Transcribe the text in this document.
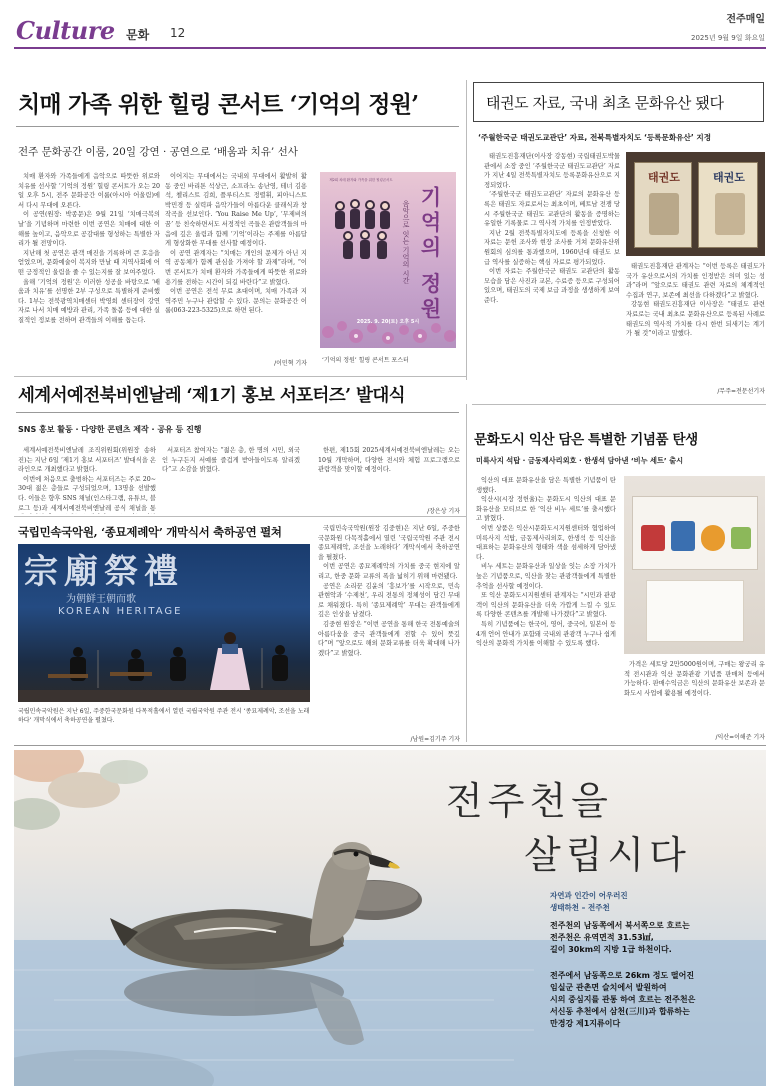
Culture 문화 12
전주매일
2025년 9월 9일 화요일
치매 가족 위한 힐링 콘서트 ‘기억의 정원’
전주 문화공간 이룸, 20일 강연 · 공연으로 ‘배움과 치유’ 선사

치매 환자와 가족들에게 음악으로 따뜻한 위로와 치유를 선사할 ‘기억의 정원’ 힐링 콘서트가 오는 20일 오후 5시, 전주 문화공간 이룸(아시아 어울림)에서 다시 무대에 오른다.

이 공연(원장: 박종문)은 9월 21일 ‘치매극복의 날’을 기념하며 마련한 이번 공연은 치매에 대한 이해를 높이고, 음악으로 공감대를 형성하는 특별한 자리가 될 전망이다.

지난해 첫 공연은 관객 매진을 기록하며 큰 호응을 얻었으며, 문화예술이 복지와 만날 때 지역사회에 어떤 긍정적인 울림을 줄 수 있는지를 잘 보여주었다.

올해 ‘기억의 정원’은 이러한 성공을 바탕으로 ‘배움과 치유’를 선명한 2부 구성으로 특별하게 준비했다. 1부는 전북광역치매센터 박영희 센터장이 강연자로 나서 치매 예방과 관리, 가족 돌봄 등에 대한 실질적인 정보를 전하며 관객들의 이해를 돕는다.

이어지는 무대에서는 국내외 무대에서 활발히 활동 중인 바리톤 석상근, 소프라노 송난영, 테너 김용석, 첼리스트 김희, 플루티스트 정렬휘, 피아니스트 박민경 등 실력파 음악가들이 아름다운 클래식과 창작곡을 선보인다. ‘You Raise Me Up’, ‘무제비의 꿈’ 등 친숙하면서도 서정적인 곡들은 관람객들의 마음에 깊은 울림과 함께 ‘기억’이라는 주제를 아름답게 형상화한 무대를 선사할 예정이다.

이 공연 관계자는 “치매는 개인의 문제가 아닌 지역 공동체가 함께 관심을 가져야 할 과제”라며, “이번 콘서트가 치매 환자와 가족들에게 따뜻한 위로와 용기를 전하는 시간이 되길 바란다”고 밝혔다.

이번 공연은 전석 무료 초대이며, 치매 가족과 지역주민 누구나 관람할 수 있다. 문의는 문화공간 이룸(063-223-5325)으로 하면 된다.

/이민혁 기자
제2회 치매 환자와 가족을 위한 힐링콘서트
음악으로 잇는 기억의 시간 기억의 정원
2025. 9. 20(토) 오후 5시
‘기억의 정원’ 힐링 콘서트 포스터
태권도 자료, 국내 최초 문화유산 됐다
‘주월한국군 태권도교관단’ 자료, 전북특별자치도 ‘등록문화유산’ 지정

태권도진흥재단(이사장 강동현) 국립태권도박물관에서 소장 중인 ‘주월한국군 태권도교관단’ 자료가 지난 4일 전북특별자치도 등록문화유산으로 지정되었다.

‘주월한국군 태권도교관단’ 자료의 문화유산 등록은 태권도 자료로서는 최초이며, 베트남 전쟁 당시 주월한국군 태권도 교관단의 활동을 증명하는 유일한 기록물로 그 역사적 가치를 인정받았다.

지난 2월 전북특별자치도에 등록을 신청한 이 자료는 문헌 조사와 현장 조사를 거쳐 문화유산위원회의 심의를 통과했으며, 1960년대 태권도 보급 역사를 실증하는 핵심 자료로 평가되었다.

이번 자료는 주월한국군 태권도 교관단의 활동 모습을 담은 사진과 교본, 수료증 등으로 구성되어 있으며, 태권도의 국제 보급 과정을 생생하게 보여준다.

태권도	태권도

태권도진흥재단 관계자는 “이번 등록은 태권도가 국가 유산으로서의 가치를 인정받은 의미 있는 성과”라며 “앞으로도 태권도 관련 자료의 체계적인 수집과 연구, 보존에 최선을 다하겠다”고 밝혔다.

강동현 태권도진흥재단 이사장은 “태권도 관련 자료로는 국내 최초로 문화유산으로 등록된 사례로 태권도의 역사적 가치를 다시 한번 되새기는 계기가 될 것”이라고 말했다.

/무주=전문선기자
세계서예전북비엔날레 ‘제1기 홍보 서포터즈’ 발대식
SNS 홍보 활동 · 다양한 콘텐츠 제작 · 공유 등 진행

세계서예전북비엔날레 조직위원회(위원장 송하진)는 지난 6일 ‘제1기 홍보 서포터즈’ 발대식을 온라인으로 개최했다고 밝혔다.

이번에 처음으로 출범하는 서포터즈는 주로 20~30대 젊은 층들로 구성되었으며, 13명을 선발했다. 이들은 향후 SNS 채널(인스타그램, 유튜브, 블로그 등)과 세계서예전북비엔날레 공식 채널을 통

서포터즈 참여자는 “젊은 층, 한 명의 시민, 외국인 누구든지 서예를 즐겁게 받아들이도록 알리겠다”고 소감을 밝혔다.

한편, 제15회 2025세계서예전북비엔날레는 오는 10월 개막하며, 다양한 전시와 체험 프로그램으로 관람객을 맞이할 예정이다.

/장은상 기자
국립민속국악원, ‘종묘제례악’ 개막식서 축하공연 펼쳐
宗廟祭禮
为朝鲜王朝而歌
KOREAN HERITAGE
국립민속국악원은 지난 6일, 주중한국문화원 다목적홀에서 열린 국립국악원 주관 전시 ‘종묘제례악, 조선을 노래하다’ 개막식에서 축하공연을 펼쳤다.

국립민속국악원(원장 김중현)은 지난 6일, 주중한국문화원 다목적홀에서 열린 ‘국립국악원 주관 전시 종묘제례악, 조선을 노래하다’ 개막식에서 축하공연을 펼쳤다.

이번 공연은 종묘제례악의 가치를 중국 현지에 알리고, 한중 문화 교류의 폭을 넓히기 위해 마련됐다.

공연은 소리꾼 김윤의 ‘흥보가’를 시작으로, 민속 관현악과 ‘수제천’, 우리 전통의 정체성이 담긴 무대로 채워졌다. 특히 ‘종묘제례악’ 무대는 관객들에게 깊은 인상을 남겼다.

김중현 원장은 “이번 공연을 통해 한국 전통예술의 아름다움을 중국 관객들에게 전할 수 있어 뜻깊다”며 “앞으로도 해외 문화교류를 더욱 확대해 나가겠다”고 밝혔다.

/남원=김기주 기자
문화도시 익산 담은 특별한 기념품 탄생
미륵사지 석탑 · 금동제사리외호 · 한생석 담아낸 ‘비누 세트’ 출시

익산의 대표 문화유산을 담은 특별한 기념품이 탄생했다.

익산시(시장 정헌율)는 문화도시 익산의 대표 문화유산을 모티브로 한 ‘익산 비누 세트’를 출시했다고 밝혔다.

이번 상품은 익산시문화도시지원센터와 협업하여 미륵사지 석탑, 금동제사리외호, 한생석 등 익산을 대표하는 문화유산의 형태와 색을 섬세하게 담아냈다.

비누 세트는 문화유산과 일상을 잇는 소장 가치가 높은 기념품으로, 익산을 찾는 관광객들에게 특별한 추억을 선사할 예정이다.

또 익산 문화도시지원센터 관계자는 “시민과 관광객이 익산의 문화유산을 더욱 가깝게 느낄 수 있도록 다양한 콘텐츠를 개발해 나가겠다”고 밝혔다.

특히 기념품에는 한국어, 영어, 중국어, 일본어 등 4개 언어 안내가 포함돼 국내외 관광객 누구나 쉽게 익산의 문화적 가치를 이해할 수 있도록 했다.

가격은 세트당 2만5000원이며, 구매는 왕궁리 유적 전시관과 익산 문화관광 기념품 판매처 등에서 가능하다. 판매수익금은 익산의 문화유산 보존과 문화도시 사업에 활용될 예정이다.

/익산=이해준 기자
전주천을
살립시다
자연과 인간이 어우러진
생태하천 – 전주천
전주천의 남동쪽에서 북서쪽으로 흐르는
전주천은 유역면적 31.53㎢,
길이 30km의 지방 1급 하천이다.
전주에서 남동쪽으로 26km 정도 떨어진
임실군 관촌면 슬치에서 발원하여
시의 중심지를 관통 하여 흐르는 전주천은
서신동 추천에서 삼천(三川)과 합류하는
만경강 제1지류이다
